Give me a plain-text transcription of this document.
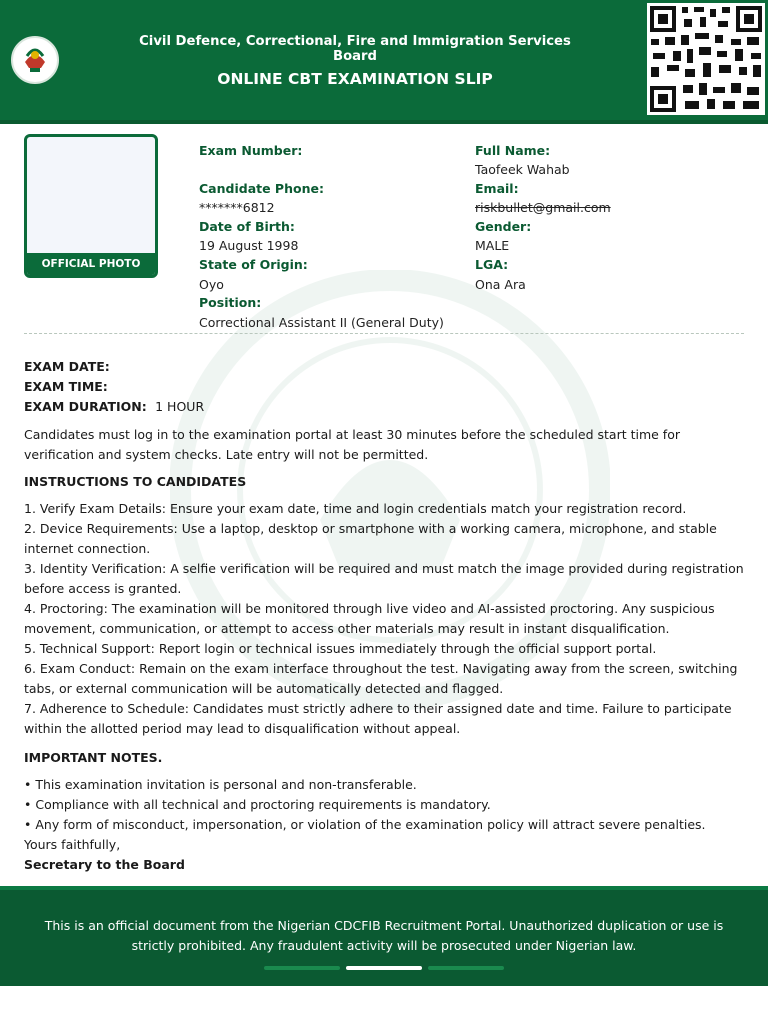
Civil Defence, Correctional, Fire and Immigration Services Board
ONLINE CBT EXAMINATION SLIP
OFFICIAL PHOTO
Exam Number:
Candidate Phone:
*******6812
Date of Birth:
19 August 1998
State of Origin:
Oyo
Position:
Correctional Assistant II (General Duty)
Full Name:
Taofeek Wahab
Email:
riskbullet@gmail.com
Gender:
MALE
LGA:
Ona Ara
EXAM DATE:
EXAM TIME:
EXAM DURATION: 1 HOUR
Candidates must log in to the examination portal at least 30 minutes before the scheduled start time for verification and system checks. Late entry will not be permitted.
INSTRUCTIONS TO CANDIDATES
1. Verify Exam Details: Ensure your exam date, time and login credentials match your registration record.
2. Device Requirements: Use a laptop, desktop or smartphone with a working camera, microphone, and stable internet connection.
3. Identity Verification: A selfie verification will be required and must match the image provided during registration before access is granted.
4. Proctoring: The examination will be monitored through live video and AI-assisted proctoring. Any suspicious movement, communication, or attempt to access other materials may result in instant disqualification.
5. Technical Support: Report login or technical issues immediately through the official support portal.
6. Exam Conduct: Remain on the exam interface throughout the test. Navigating away from the screen, switching tabs, or external communication will be automatically detected and flagged.
7. Adherence to Schedule: Candidates must strictly adhere to their assigned date and time. Failure to participate within the allotted period may lead to disqualification without appeal.
IMPORTANT NOTES.
• This examination invitation is personal and non-transferable.
• Compliance with all technical and proctoring requirements is mandatory.
• Any form of misconduct, impersonation, or violation of the examination policy will attract severe penalties.
Yours faithfully,
Secretary to the Board
This is an official document from the Nigerian CDCFIB Recruitment Portal. Unauthorized duplication or use is strictly prohibited. Any fraudulent activity will be prosecuted under Nigerian law.
